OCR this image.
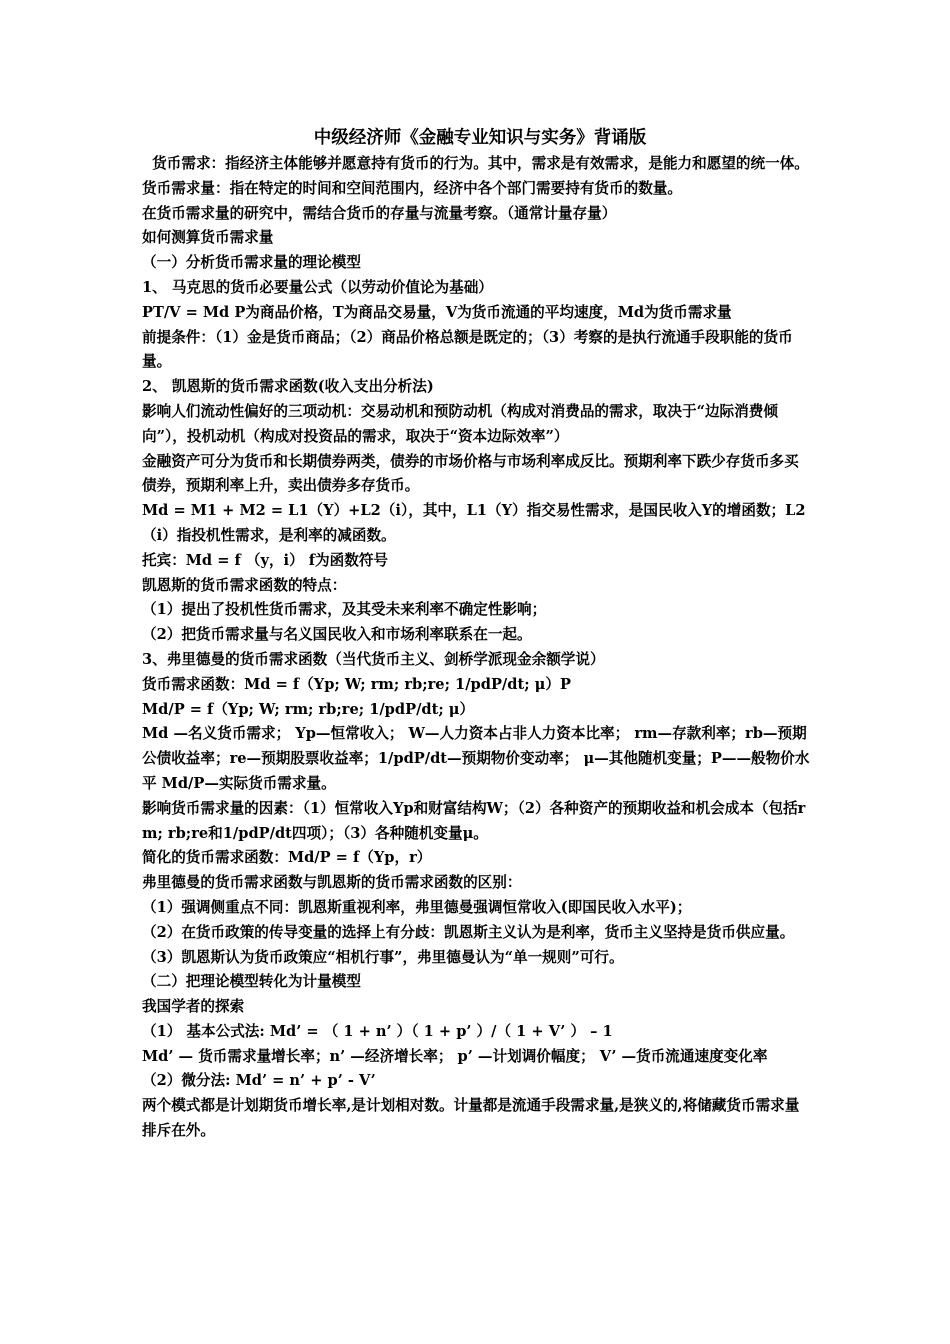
中级经济师《金融专业知识与实务》背诵版

货币需求：指经济主体能够并愿意持有货币的行为。其中，需求是有效需求，是能力和愿望的统一体。

货币需求量：指在特定的时间和空间范围内，经济中各个部门需要持有货币的数量。

在货币需求量的研究中，需结合货币的存量与流量考察。（通常计量存量）

如何测算货币需求量

（一）分析货币需求量的理论模型

1、 马克思的货币必要量公式（以劳动价值论为基础）

PT/V = Md P为商品价格，T为商品交易量，V为货币流通的平均速度，Md为货币需求量

前提条件：（1）金是货币商品；（2）商品价格总额是既定的；（3）考察的是执行流通手段职能的货币量。

2、 凯恩斯的货币需求函数(收入支出分析法)

影响人们流动性偏好的三项动机：交易动机和预防动机（构成对消费品的需求，取决于“边际消费倾向”），投机动机（构成对投资品的需求，取决于“资本边际效率”）

金融资产可分为货币和长期债券两类，债券的市场价格与市场利率成反比。预期利率下跌少存货币多买债券，预期利率上升，卖出债券多存货币。

Md = M1 + M2 = L1（Y）+L2（i），其中，L1（Y）指交易性需求，是国民收入Y的增函数；L2（i）指投机性需求，是利率的减函数。

托宾：Md = f （y，i） f为函数符号

凯恩斯的货币需求函数的特点：

（1）提出了投机性货币需求，及其受未来利率不确定性影响；

（2）把货币需求量与名义国民收入和市场利率联系在一起。

3、弗里德曼的货币需求函数（当代货币主义、剑桥学派现金余额学说）

货币需求函数：Md = f（Yp; W; rm; rb;re; 1/pdP/dt; μ）P

Md/P = f（Yp; W; rm; rb;re; 1/pdP/dt; μ）

Md —名义货币需求； Yp—恒常收入； W—人力资本占非人力资本比率； rm—存款利率；rb—预期公债收益率；re—预期股票收益率；1/pdP/dt—预期物价变动率； μ—其他随机变量；P——般物价水平 Md/P—实际货币需求量。

影响货币需求量的因素：（1）恒常收入Yp和财富结构W；（2）各种资产的预期收益和机会成本（包括rm; rb;re和1/pdP/dt四项）；（3）各种随机变量μ。

简化的货币需求函数：Md/P = f（Yp，r）

弗里德曼的货币需求函数与凯恩斯的货币需求函数的区别：

（1）强调侧重点不同：凯恩斯重视利率，弗里德曼强调恒常收入(即国民收入水平)；

（2）在货币政策的传导变量的选择上有分歧：凯恩斯主义认为是利率，货币主义坚持是货币供应量。

（3）凯恩斯认为货币政策应“相机行事”，弗里德曼认为“单一规则”可行。

（二）把理论模型转化为计量模型

我国学者的探索

（1） 基本公式法: Md’ = （ 1 + n’ ）（ 1 + p’ ）/（ 1 + V’ ） – 1

Md’ — 货币需求量增长率；n’ —经济增长率； p’ —计划调价幅度； V’ —货币流通速度变化率

（2）微分法: Md’ = n’ + p’ - V’

两个模式都是计划期货币增长率,是计划相对数。计量都是流通手段需求量,是狭义的,将储藏货币需求量排斥在外。
